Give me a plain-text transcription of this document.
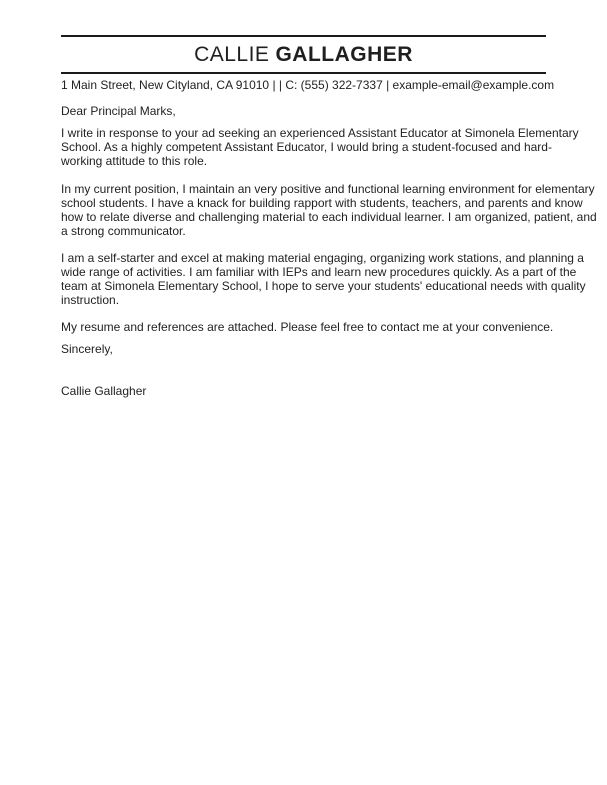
CALLIE GALLAGHER
1 Main Street, New Cityland, CA 91010 | | C: (555) 322-7337 | example-email@example.com
Dear Principal Marks,
I write in response to your ad seeking an experienced Assistant Educator at Simonela Elementary
School. As a highly competent Assistant Educator, I would bring a student-focused and hard-
working attitude to this role.
In my current position, I maintain an very positive and functional learning environment for elementary
school students. I have a knack for building rapport with students, teachers, and parents and know
how to relate diverse and challenging material to each individual learner. I am organized, patient, and
a strong communicator.
I am a self-starter and excel at making material engaging, organizing work stations, and planning a
wide range of activities. I am familiar with IEPs and learn new procedures quickly. As a part of the
team at Simonela Elementary School, I hope to serve your students' educational needs with quality
instruction.
My resume and references are attached. Please feel free to contact me at your convenience.
Sincerely,
Callie Gallagher
